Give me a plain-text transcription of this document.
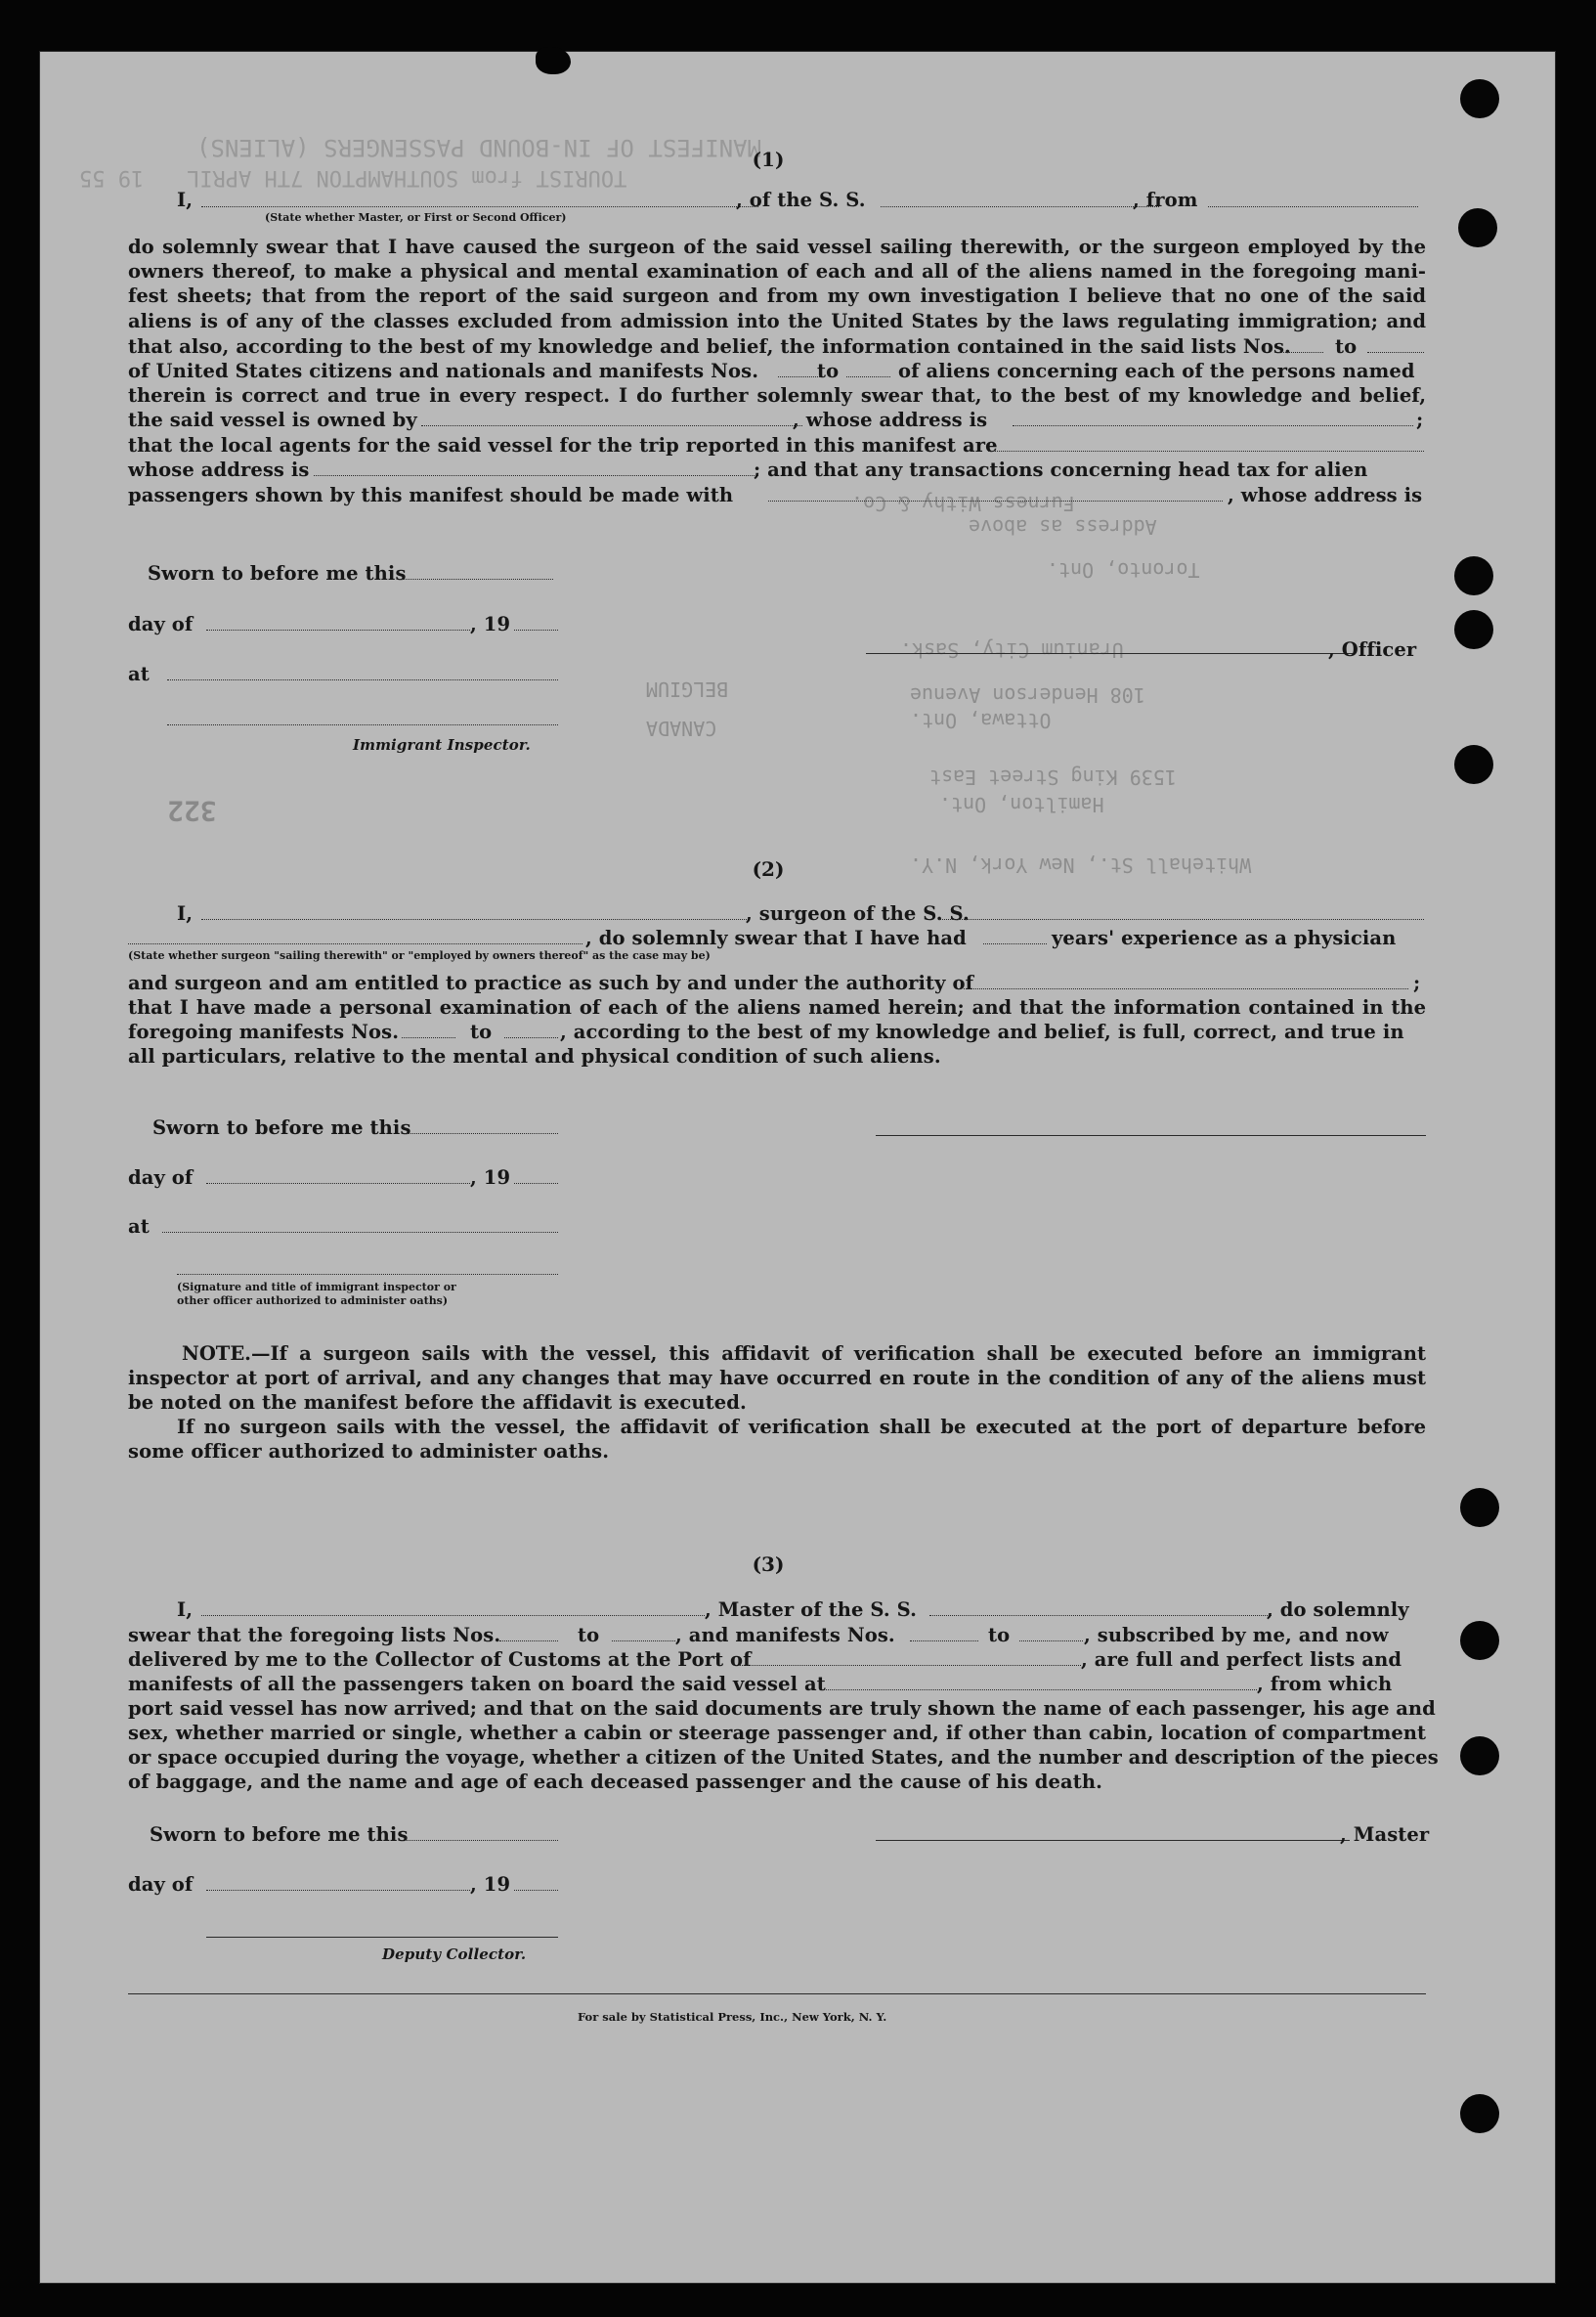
MANIFEST OF IN-BOUND PASSENGERS (ALIENS)
TOURIST from SOUTHAMPTON 7TH APRIL
19 55
Furness Withy & Co.
Address as above
Toronto, Ont.
Uranium City, Sask.
108 Henderson Avenue
Ottawa, Ont.
1539 King Street East
Hamilton, Ont.
Whitehall St., New York, N.Y.
CANADA
BELGIUM
322
(1)
I,	, of the S. S.	, from
(State whether Master, or First or Second Officer)
do solemnly swear that I have caused the surgeon of the said vessel sailing therewith, or the surgeon employed by the
owners thereof, to make a physical and mental examination of each and all of the aliens named in the foregoing mani-
fest sheets; that from the report of the said surgeon and from my own investigation I believe that no one of the said
aliens is of any of the classes excluded from admission into the United States by the laws regulating immigration; and
that also, according to the best of my knowledge and belief, the information contained in the said lists Nos. to
of United States citizens and nationals and manifests Nos.	to	of aliens concerning each of the persons named
therein is correct and true in every respect. I do further solemnly swear that, to the best of my knowledge and belief,
the said vessel is owned by	, whose address is	;
that the local agents for the said vessel for the trip reported in this manifest are
whose address is	; and that any transactions concerning head tax for alien
passengers shown by this manifest should be made with	, whose address is
Sworn to before me this
day of	, 19
at
Immigrant Inspector.
, Officer
(2)
I,	, surgeon of the S. S.
, do solemnly swear that I have had	years' experience as a physician
(State whether surgeon "sailing therewith" or "employed by owners thereof" as the case may be)
and surgeon and am entitled to practice as such by and under the authority of	;
that I have made a personal examination of each of the aliens named herein; and that the information contained in the
foregoing manifests Nos.	to	, according to the best of my knowledge and belief, is full, correct, and true in
all particulars, relative to the mental and physical condition of such aliens.
Sworn to before me this
day of	, 19
at
(Signature and title of immigrant inspector or
other officer authorized to administer oaths)
NOTE.—If a surgeon sails with the vessel, this affidavit of verification shall be executed before an immigrant
inspector at port of arrival, and any changes that may have occurred en route in the condition of any of the aliens must
be noted on the manifest before the affidavit is executed.
If no surgeon sails with the vessel, the affidavit of verification shall be executed at the port of departure before
some officer authorized to administer oaths.
(3)
I,	, Master of the S. S.	, do solemnly
swear that the foregoing lists Nos.	to	, and manifests Nos.	to	, subscribed by me, and now
delivered by me to the Collector of Customs at the Port of	, are full and perfect lists and
manifests of all the passengers taken on board the said vessel at	, from which
port said vessel has now arrived; and that on the said documents are truly shown the name of each passenger, his age and
sex, whether married or single, whether a cabin or steerage passenger and, if other than cabin, location of compartment
or space occupied during the voyage, whether a citizen of the United States, and the number and description of the pieces
of baggage, and the name and age of each deceased passenger and the cause of his death.
Sworn to before me this	, Master
day of	, 19
Deputy Collector.
For sale by Statistical Press, Inc., New York, N. Y.
